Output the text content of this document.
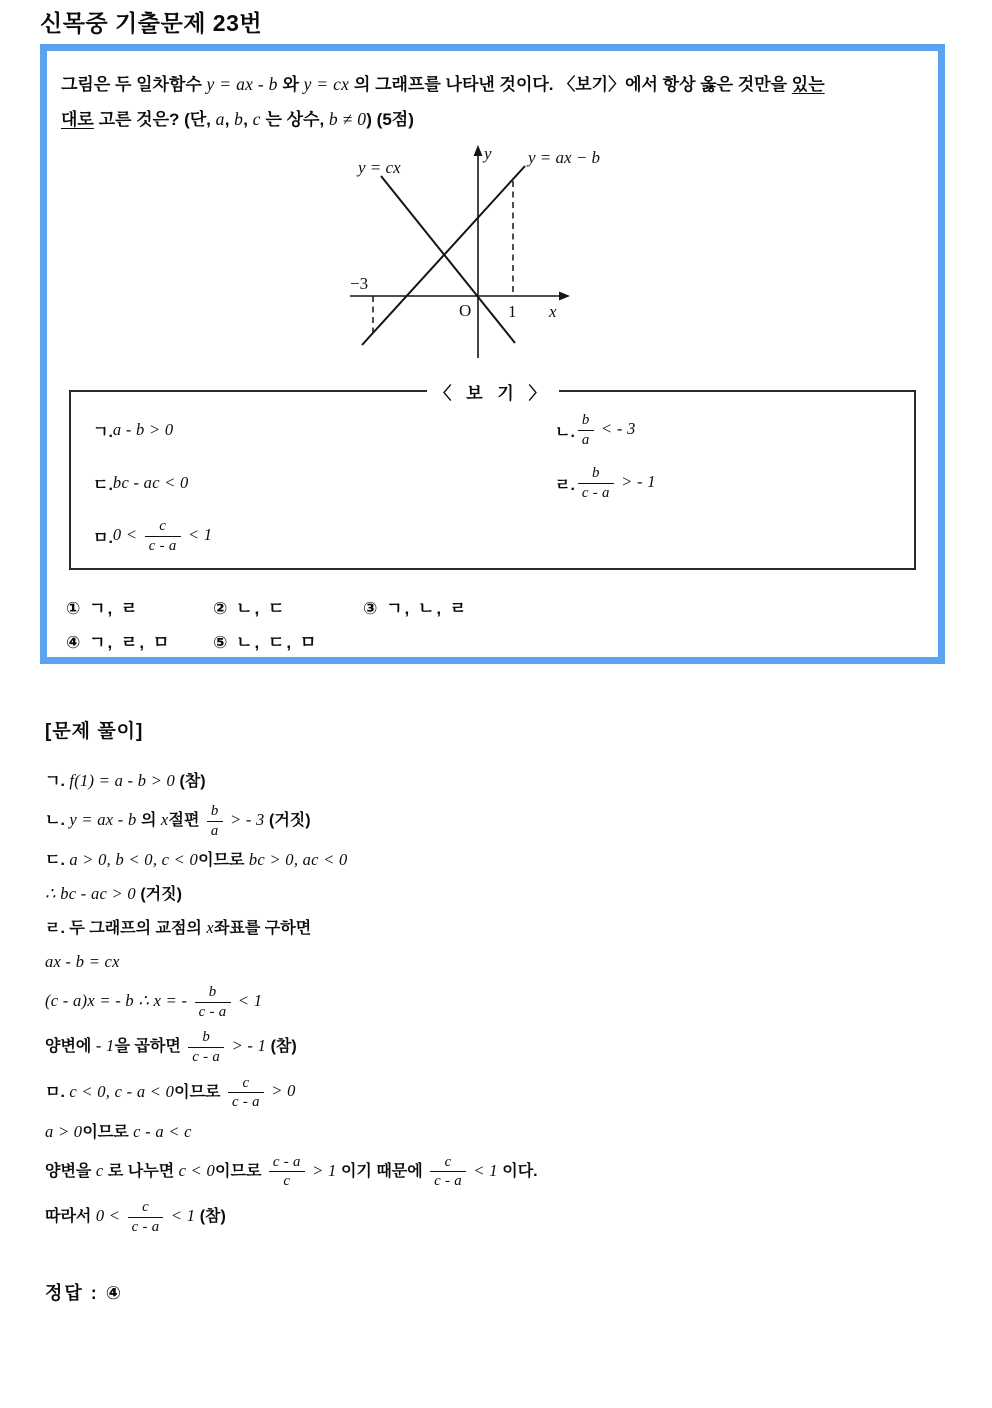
신목중 기출문제 23번

그림은 두 일차함수 y = ax - b 와 y = cx 의 그래프를 나타낸 것이다. 〈보기〉에서 항상 옳은 것만을 있는

대로 고른 것은? (단, a, b, c 는 상수, b ≠ 0) (5점)

y = cx
y = ax − b
y
x
O 1
−3
〈 보 기 〉
ㄱ. a - b > 0	ㄴ. $\frac{b}{a}$ < - 3
ㄷ. bc - ac < 0	ㄹ. $\frac{b}{c - a}$ > - 1
ㅁ. $0 < \frac{c}{c - a} < 1$
① ㄱ, ㄹ	② ㄴ, ㄷ	③ ㄱ, ㄴ, ㄹ
④ ㄱ, ㄹ, ㅁ	⑤ ㄴ, ㄷ, ㅁ

[문제 풀이]

ㄱ. f(1) = a - b > 0 (참)

ㄴ. y = ax - b 의 x절편 $\frac{b}{a}$ > - 3 (거짓)

ㄷ. a > 0, b < 0, c < 0이므로 bc > 0, ac < 0

∴ bc - ac > 0 (거짓)

ㄹ. 두 그래프의 교점의 x좌표를 구하면

ax - b = cx

(c - a)x = - b ∴ x = - $\frac{b}{c - a} < 1$

양변에 - 1을 곱하면 $\frac{b}{c - a}$ > - 1 (참)

ㅁ. c < 0, c - a < 0이므로 $\frac{c}{c - a} > 0$

a > 0이므로 c - a < c

양변을 c 로 나누면 c < 0이므로 $\frac{c - a}{c} > 1$ 이기 때문에 $\frac{c}{c - a} < 1$ 이다.

따라서 $0 < \frac{c}{c - a} < 1$ (참)

정답 : ④
